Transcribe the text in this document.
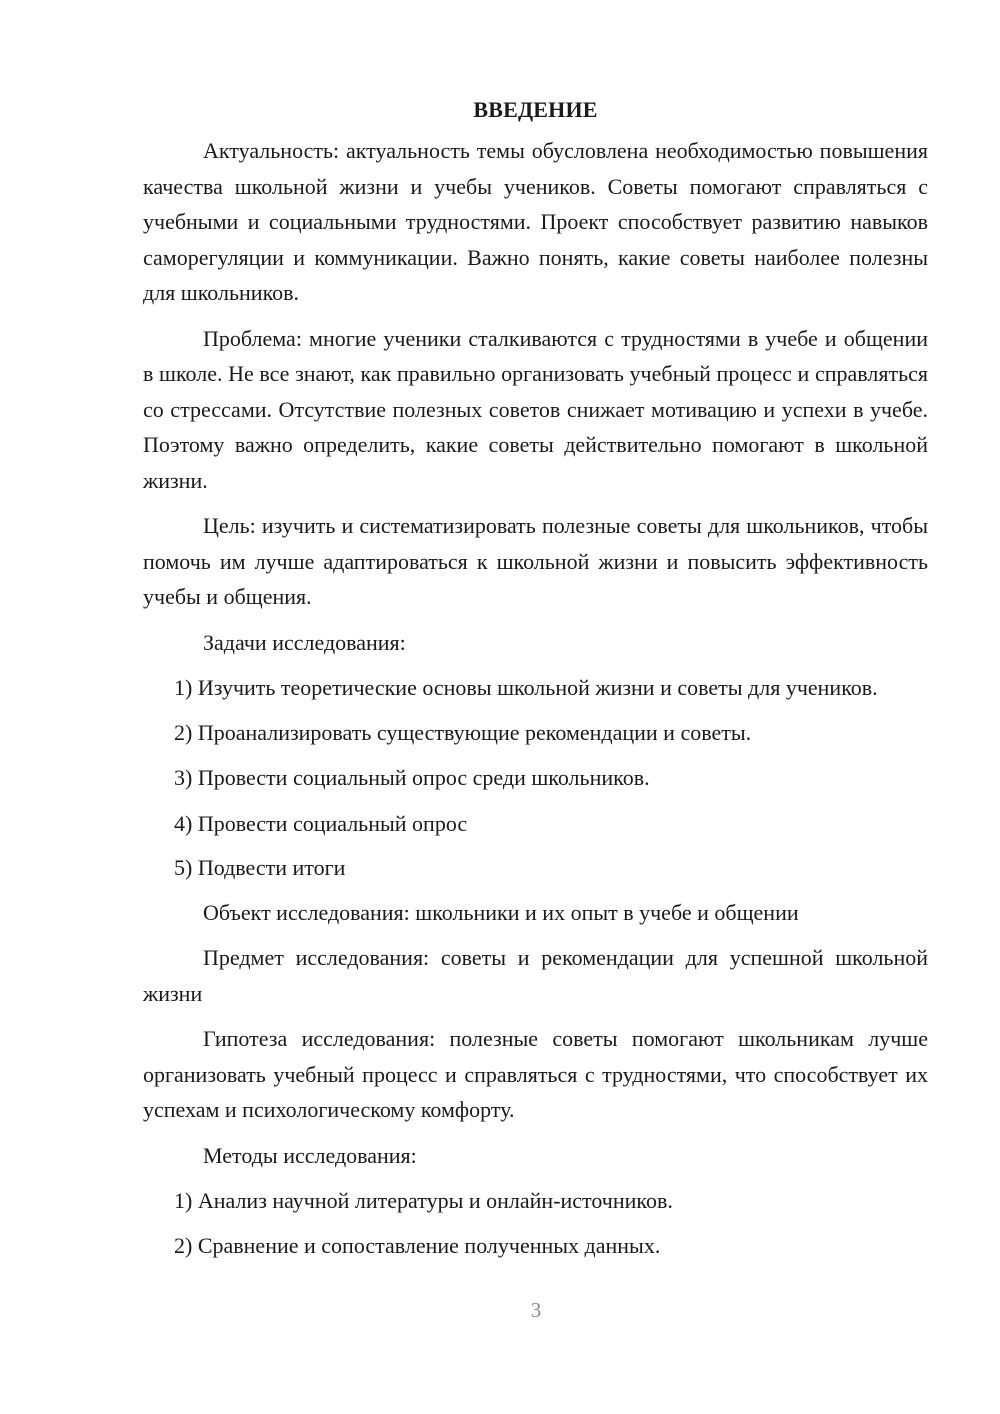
ВВЕДЕНИЕ

Актуальность: актуальность темы обусловлена необходимостью повышения качества школьной жизни и учебы учеников. Советы помогают справляться с учебными и социальными трудностями. Проект способствует развитию навыков саморегуляции и коммуникации. Важно понять, какие советы наиболее полезны для школьников.

Проблема: многие ученики сталкиваются с трудностями в учебе и общении в школе. Не все знают, как правильно организовать учебный процесс и справляться со стрессами. Отсутствие полезных советов снижает мотивацию и успехи в учебе. Поэтому важно определить, какие советы действительно помогают в школьной жизни.

Цель: изучить и систематизировать полезные советы для школьников, чтобы помочь им лучше адаптироваться к школьной жизни и повысить эффективность учебы и общения.

Задачи исследования:

1) Изучить теоретические основы школьной жизни и советы для учеников.

2) Проанализировать существующие рекомендации и советы.

3) Провести социальный опрос среди школьников.

4) Провести социальный опрос

5) Подвести итоги

Объект исследования: школьники и их опыт в учебе и общении

Предмет исследования: советы и рекомендации для успешной школьной жизни

Гипотеза исследования: полезные советы помогают школьникам лучше организовать учебный процесс и справляться с трудностями, что способствует их успехам и психологическому комфорту.

Методы исследования:

1) Анализ научной литературы и онлайн-источников.

2) Сравнение и сопоставление полученных данных.

3
